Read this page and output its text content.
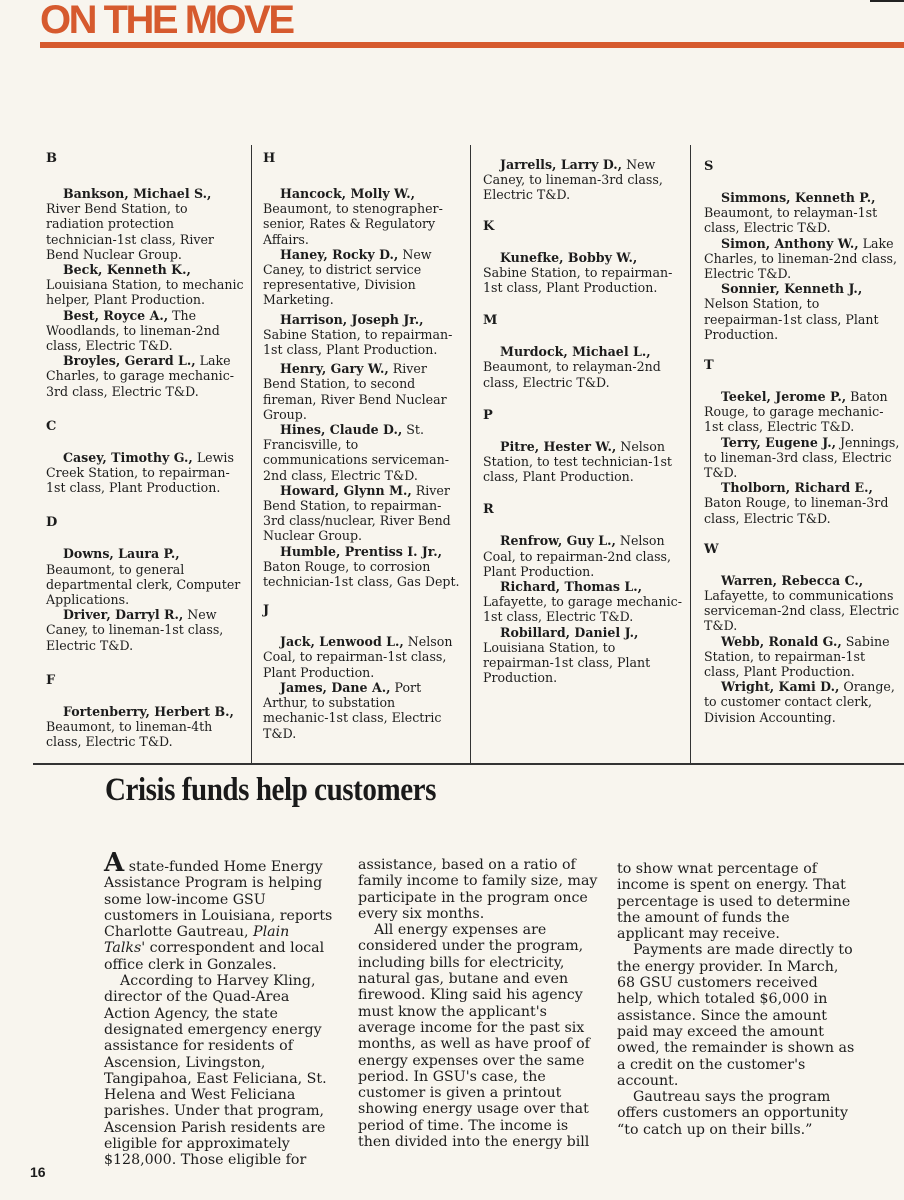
ON THE MOVE
B

Bankson, Michael S., River Bend Station, to radiation protection technician-1st class, River Bend Nuclear Group.

Beck, Kenneth K., Louisiana Station, to mechanic helper, Plant Production.

Best, Royce A., The Woodlands, to lineman-2nd class, Electric T&D.

Broyles, Gerard L., Lake Charles, to garage mechanic-3rd class, Electric T&D.

C

Casey, Timothy G., Lewis Creek Station, to repairman-1st class, Plant Production.

D

Downs, Laura P., Beaumont, to general departmental clerk, Computer Applications.

Driver, Darryl R., New Caney, to lineman-1st class, Electric T&D.

F

Fortenberry, Herbert B., Beaumont, to lineman-4th class, Electric T&D.

H

Hancock, Molly W., Beaumont, to stenographer-senior, Rates & Regulatory Affairs.

Haney, Rocky D., New Caney, to district service representative, Division Marketing.

Harrison, Joseph Jr., Sabine Station, to repairman-1st class, Plant Production.

Henry, Gary W., River Bend Station, to second fireman, River Bend Nuclear Group.

Hines, Claude D., St. Francisville, to communications serviceman-2nd class, Electric T&D.

Howard, Glynn M., River Bend Station, to repairman-3rd class/nuclear, River Bend Nuclear Group.

Humble, Prentiss I. Jr., Baton Rouge, to corrosion technician-1st class, Gas Dept.

J

Jack, Lenwood L., Nelson Coal, to repairman-1st class, Plant Production.

James, Dane A., Port Arthur, to substation mechanic-1st class, Electric T&D.

Jarrells, Larry D., New Caney, to lineman-3rd class, Electric T&D.

K

Kunefke, Bobby W., Sabine Station, to repairman-1st class, Plant Production.

M

Murdock, Michael L., Beaumont, to relayman-2nd class, Electric T&D.

P

Pitre, Hester W., Nelson Station, to test technician-1st class, Plant Production.

R

Renfrow, Guy L., Nelson Coal, to repairman-2nd class, Plant Production.

Richard, Thomas L., Lafayette, to garage mechanic-1st class, Electric T&D.

Robillard, Daniel J., Louisiana Station, to repairman-1st class, Plant Production.

S

Simmons, Kenneth P., Beaumont, to relayman-1st class, Electric T&D.

Simon, Anthony W., Lake Charles, to lineman-2nd class, Electric T&D.

Sonnier, Kenneth J., Nelson Station, to reepairman-1st class, Plant Production.

T

Teekel, Jerome P., Baton Rouge, to garage mechanic-1st class, Electric T&D.

Terry, Eugene J., Jennings, to lineman-3rd class, Electric T&D.

Tholborn, Richard E., Baton Rouge, to lineman-3rd class, Electric T&D.

W

Warren, Rebecca C., Lafayette, to communications serviceman-2nd class, Electric T&D.

Webb, Ronald G., Sabine Station, to repairman-1st class, Plant Production.

Wright, Kami D., Orange, to customer contact clerk, Division Accounting.

Crisis funds help customers

A state-funded Home Energy Assistance Program is helping some low-income GSU customers in Louisiana, reports Charlotte Gautreau, Plain Talks' correspondent and local office clerk in Gonzales.

According to Harvey Kling, director of the Quad-Area Action Agency, the state designated emergency energy assistance for residents of Ascension, Livingston, Tangipahoa, East Feliciana, St. Helena and West Feliciana parishes. Under that program, Ascension Parish residents are eligible for approximately $128,000. Those eligible for

assistance, based on a ratio of family income to family size, may participate in the program once every six months.

All energy expenses are considered under the program, including bills for electricity, natural gas, butane and even firewood. Kling said his agency must know the applicant's average income for the past six months, as well as have proof of energy expenses over the same period. In GSU's case, the customer is given a printout showing energy usage over that period of time. The income is then divided into the energy bill

to show wnat percentage of income is spent on energy. That percentage is used to determine the amount of funds the applicant may receive.

Payments are made directly to the energy provider. In March, 68 GSU customers received help, which totaled $6,000 in assistance. Since the amount paid may exceed the amount owed, the remainder is shown as a credit on the customer's account.

Gautreau says the program offers customers an opportunity “to catch up on their bills.”

16
